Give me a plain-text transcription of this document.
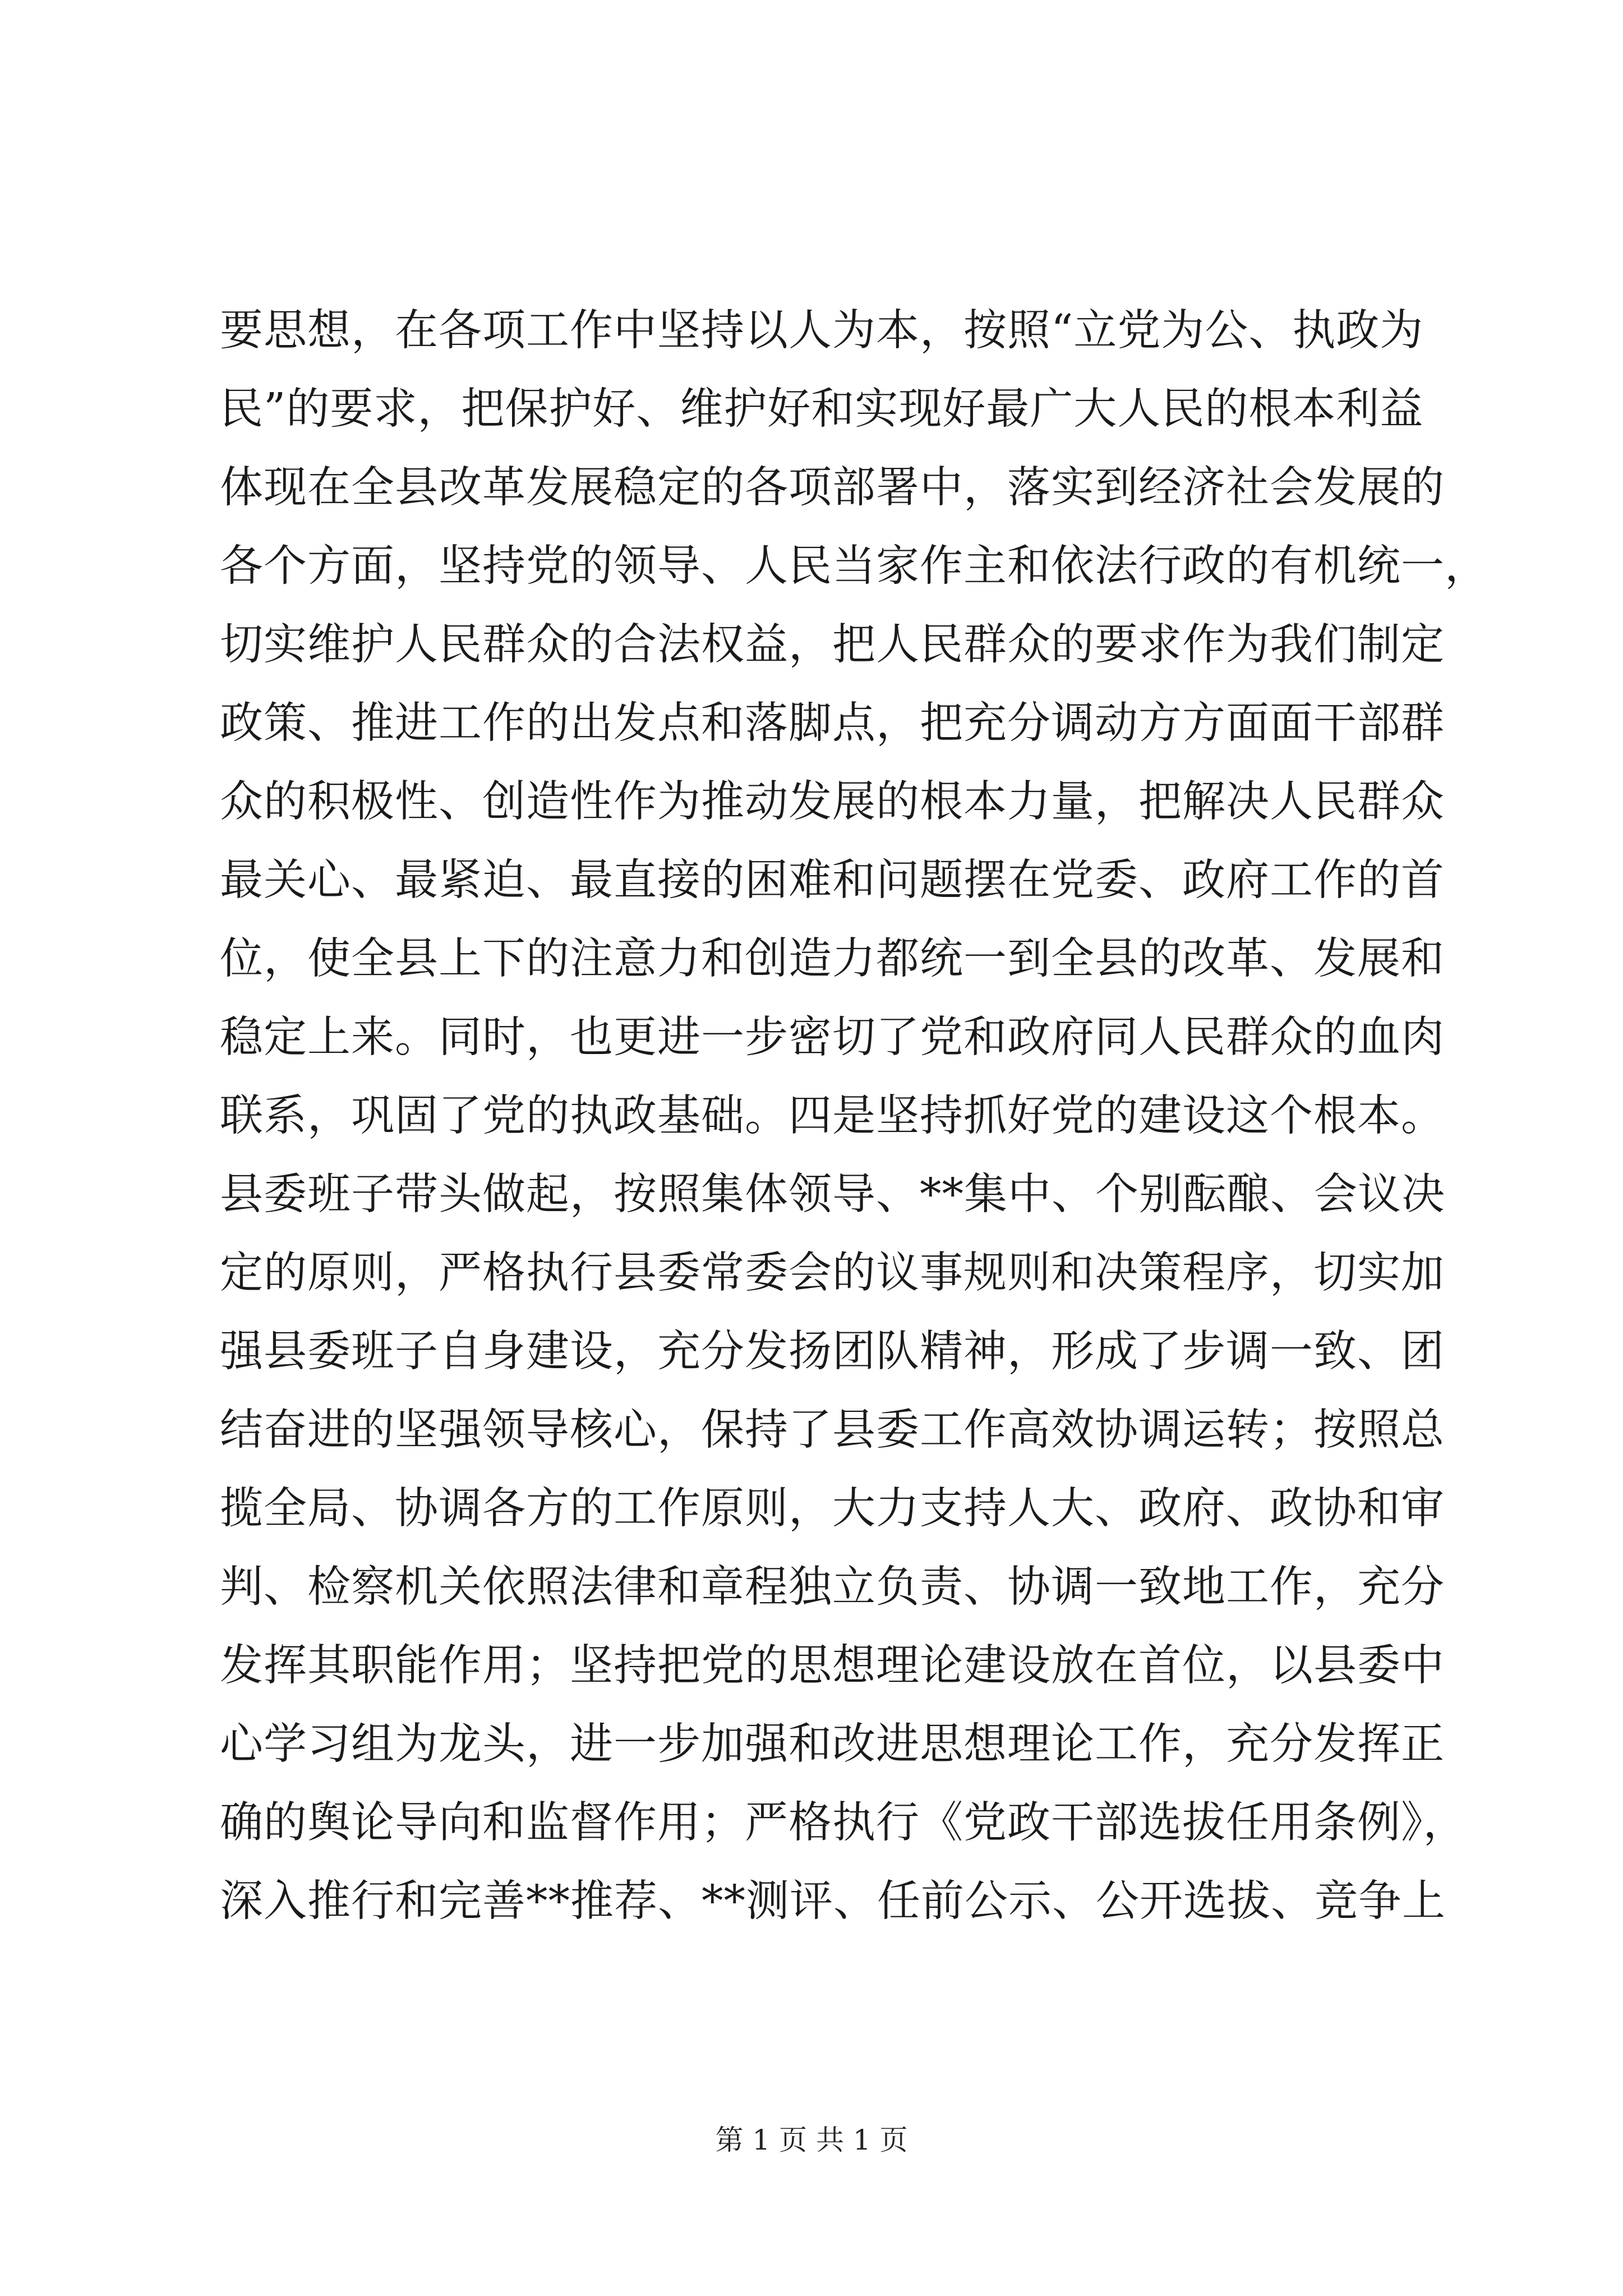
要思想，在各项工作中坚持以人为本，按照“立党为公、执政为
民”的要求，把保护好、维护好和实现好最广大人民的根本利益
体现在全县改革发展稳定的各项部署中，落实到经济社会发展的
各个方面，坚持党的领导、人民当家作主和依法行政的有机统一，
切实维护人民群众的合法权益，把人民群众的要求作为我们制定
政策、推进工作的出发点和落脚点，把充分调动方方面面干部群
众的积极性、创造性作为推动发展的根本力量，把解决人民群众
最关心、最紧迫、最直接的困难和问题摆在党委、政府工作的首
位，使全县上下的注意力和创造力都统一到全县的改革、发展和
稳定上来。同时，也更进一步密切了党和政府同人民群众的血肉
联系，巩固了党的执政基础。四是坚持抓好党的建设这个根本。
县委班子带头做起，按照集体领导、**集中、个别酝酿、会议决
定的原则，严格执行县委常委会的议事规则和决策程序，切实加
强县委班子自身建设，充分发扬团队精神，形成了步调一致、团
结奋进的坚强领导核心，保持了县委工作高效协调运转；按照总
揽全局、协调各方的工作原则，大力支持人大、政府、政协和审
判、检察机关依照法律和章程独立负责、协调一致地工作，充分
发挥其职能作用；坚持把党的思想理论建设放在首位，以县委中
心学习组为龙头，进一步加强和改进思想理论工作，充分发挥正
确的舆论导向和监督作用；严格执行《党政干部选拔任用条例》，
深入推行和完善**推荐、**测评、任前公示、公开选拔、竞争上
第 1 页 共 1 页
